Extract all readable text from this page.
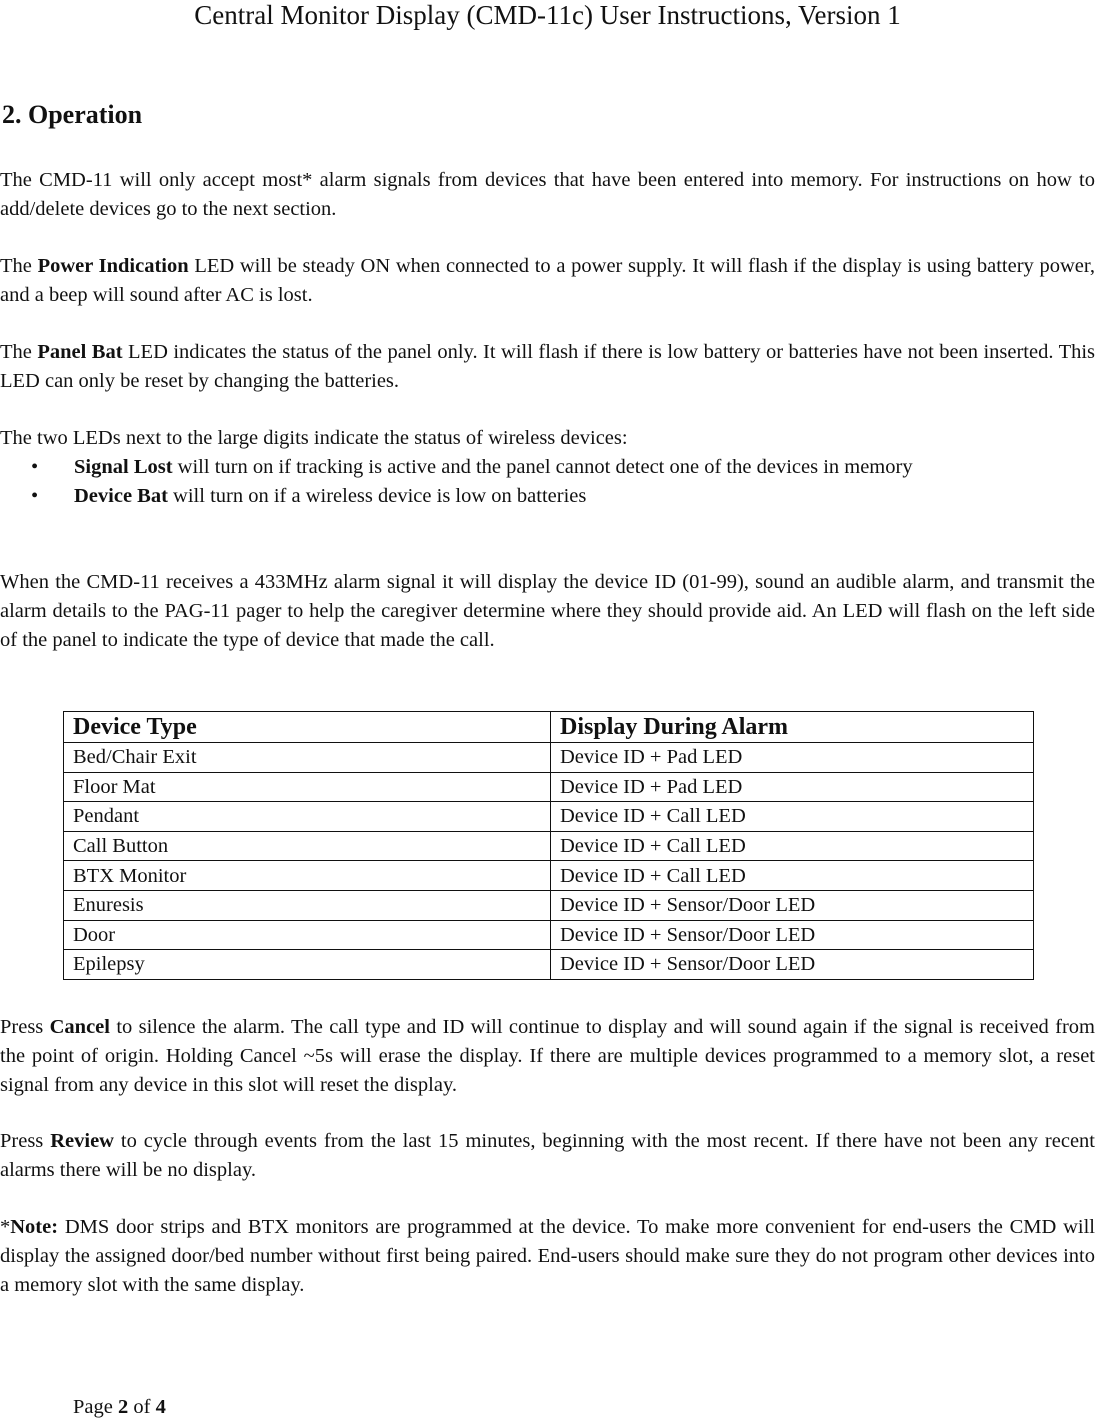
Central Monitor Display (CMD-11c) User Instructions, Version 1
2. Operation

The CMD-11 will only accept most* alarm signals from devices that have been entered into memory. For instructions on how to add/delete devices go to the next section.

The Power Indication LED will be steady ON when connected to a power supply. It will flash if the display is using battery power, and a beep will sound after AC is lost.

The Panel Bat LED indicates the status of the panel only. It will flash if there is low battery or batteries have not been inserted. This LED can only be reset by changing the batteries.

The two LEDs next to the large digits indicate the status of wireless devices:

• Signal Lost will turn on if tracking is active and the panel cannot detect one of the devices in memory
• Device Bat will turn on if a wireless device is low on batteries

When the CMD-11 receives a 433MHz alarm signal it will display the device ID (01-99), sound an audible alarm, and transmit the alarm details to the PAG-11 pager to help the caregiver determine where they should provide aid. An LED will flash on the left side of the panel to indicate the type of device that made the call.

Device Type	Display During Alarm
Bed/Chair Exit	Device ID + Pad LED
Floor Mat	Device ID + Pad LED
Pendant	Device ID + Call LED
Call Button	Device ID + Call LED
BTX Monitor	Device ID + Call LED
Enuresis	Device ID + Sensor/Door LED
Door	Device ID + Sensor/Door LED
Epilepsy	Device ID + Sensor/Door LED

Press Cancel to silence the alarm. The call type and ID will continue to display and will sound again if the signal is received from the point of origin. Holding Cancel ~5s will erase the display. If there are multiple devices programmed to a memory slot, a reset signal from any device in this slot will reset the display.

Press Review to cycle through events from the last 15 minutes, beginning with the most recent. If there have not been any recent alarms there will be no display.

*Note: DMS door strips and BTX monitors are programmed at the device. To make more convenient for end-users the CMD will display the assigned door/bed number without first being paired. End-users should make sure they do not program other devices into a memory slot with the same display.

Page 2 of 4
